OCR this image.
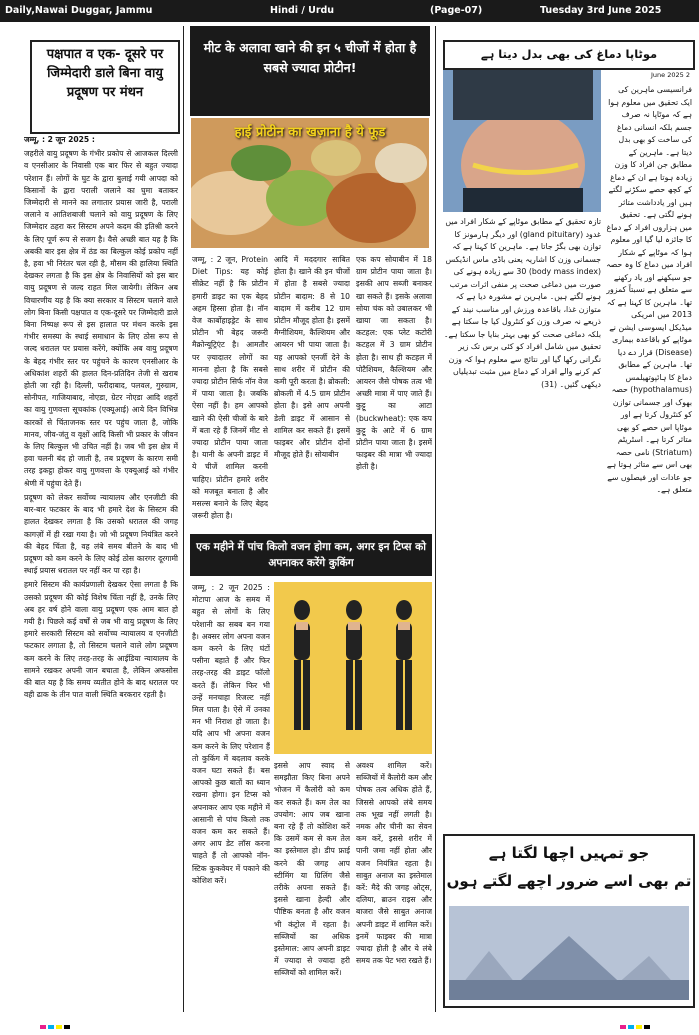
Daily,Nawai Duggar, Jammu	Hindi / Urdu	(Page-07)	Tuesday 3rd June 2025
पक्षपात व एक- दूसरे पर जिम्मेदारी डाले बिना वायु प्रदूषण पर मंथन

जम्मू, : 2 जून 2025 :

जहरीले वायु प्रदूषण के गंभीर प्रकोप से आजकल दिल्ली व एनसीआर के निवासी एक बार फिर से बहुत ज्यादा परेशान हैं। लोगों के घुट के द्वारा बुलाई गयी आपदा को किसानों के द्वारा पराली जलाने का घुमा बताकर जिम्मेदारी से मानने का लगातार प्रयास जारी है, पराली जलाने व आतिशबाजी चलाने को वायु प्रदूषण के लिए जिम्मेदार ठहरा कर सिस्टम अपने कदम की इतिश्री करने के लिए पूर्ण रूप से सजग है। वैसे अच्छी बात यह है कि अबकी बार इस क्षेत्र में ठंड का बिल्कुल कोई प्रकोप नहीं है, हवा भी निरंतर चल रही है, मौसम की हालिया स्थिति देखकर लगता है कि इस क्षेत्र के निवासियों को इस बार वायु प्रदूषण से जल्द राहत मिल जायेगी। लेकिन अब विचारणीय यह है कि क्या सरकार व सिस्टम चलाने वाले लोग बिना किसी पक्षपात व एक-दूसरे पर जिम्मेदारी डाले बिना निष्पक्ष रूप से इस हालात पर मंथन करके इस गंभीर समस्या के स्थाई समाधान के लिए ठोस रूप से जल्द धरातल पर प्रयास करेंगे, क्योंकि अब वायु प्रदूषण के बेहद गंभीर स्तर पर पहुंचने के कारण एनसीआर के अधिकांश शहरों की हालत दिन-प्रतिदिन तेजी से खराब होती जा रही है। दिल्ली, फरीदाबाद, पलवल, गुरुग्राम, सोनीपत, गाजियाबाद, नोएडा, ग्रेटर नोएडा आदि शहरों का वायु गुणवत्ता सूचकांक (एक्यूआई) आये दिन विभिन्न कारकों से चिंताजनक स्तर पर पहुंच जाता है, जोकि मानव, जीव-जंतु व वृक्षों आदि किसी भी प्रकार के जीवन के लिए बिल्कुल भी उचित नहीं है। जब भी इस क्षेत्र में हवा चलनी बंद हो जाती है, तब प्रदूषण के कारण समी तरह इकट्ठा होकर वायु गुणवत्ता के एक्यूआई को गंभीर श्रेणी में पहुंचा देते हैं।

प्रदूषण को लेकर सर्वोच्च न्यायालय और एनजीटी की बार-बार फटकार के बाद भी हमारे देश के सिस्टम की हालत देखकर लगता है कि उसको धरातल की जगह कागज़ों में ही रखा गया है। जो भी प्रदूषण नियंत्रित करने की बेहद चिंता है, वह लंबे समय बीतने के बाद भी प्रदूषण को कम करने के लिए कोई ठोस कारगर दूरगामी स्थाई प्रयास धरातल पर नहीं कर पा रहा है।

हमारे सिस्टम की कार्यप्रणाली देखकर ऐसा लगता है कि उसको प्रदूषण की कोई विशेष चिंता नहीं है, उनके लिए अब हर वर्ष होने वाला वायु प्रदूषण एक आम बात हो गयी है। पिछले कई वर्षों से जब भी वायु प्रदूषण के लिए हमारे सरकारी सिस्टम को सर्वोच्च न्यायालय व एनजीटी फटकार लगाता है, तो सिस्टम चलाने वाले लोग प्रदूषण कम करने के लिए तरह-तरह के आईडिया न्यायालय के सामने रखकर अपनी जान बचाता है, लेकिन अफसोस की बात यह है कि समय व्यतीत होने के बाद धरातल पर वही ढाक के तीन पात वाली स्थिति बरकरार रहती है।

मीट के अलावा खाने की इन ५ चीजों में होता है सबसे ज्यादा प्रोटीन!
हाई प्रोटीन का खज़ाना है ये फूड
जम्मू, : 2 जून, Protein Diet Tips: यह कोई सीक्रेट नहीं है कि प्रोटीन हमारी डाइट का एक बेहद अहम हिस्सा होता है। नॉन वेज कार्बोहाइड्रेट के साथ प्रोटीन भी बेहद जरूरी मैक्रोन्यूट्रिएंट है। आमतौर पर ज़्यादातर लोगों का मानना होता है कि सबसे ज्यादा प्रोटीन सिर्फ नॉन वेज में पाया जाता है। जबकि ऐसा नहीं है। हम आपको खाने की ऐसी चीजों के बारे में बता रहे हैं जिनमें मीट से ज्यादा प्रोटीन पाया जाता है। यानी के अपनी डाइट में ये चीजें शामिल करनी चाहिए। प्रोटीन हमारे शरीर को मजबूत बनाता है और मसल्स बनाने के लिए बेहद जरूरी होता है।
आदि में मददगार साबित होता है। खाने की इन चीजों में होता है सबसे ज्यादा प्रोटीन बादाम: 8 से 10 बादाम में करीब 12 ग्राम प्रोटीन मौजूद होता है। इसमें मैग्नीशियम, कैल्शियम और आयरन भी पाया जाता है। यह आपको एनर्जी देने के साथ शरीर में प्रोटीन की कमी पूरी करता है। ब्रोकली: ब्रोकली में 4.5 ग्राम प्रोटीन होता है। इसे आप अपनी डेली डाइट में आसान से शामिल कर सकते हैं। इसमें फाइबर और प्रोटीन दोनों मौजूद होते हैं। सोयाबीन
एक कप सोयाबीन में 18 ग्राम प्रोटीन पाया जाता है। इसकी आप सब्जी बनाकर खा सकते हैं। इसके अलावा सोया चंक को उबालकर भी खाया जा सकता है। कटहल: एक प्लेट कटोरी कटहल में 3 ग्राम प्रोटीन होता है। साथ ही कटहल में पोटैशियम, कैल्शियम और आयरन जैसे पोषक तत्व भी अच्छी मात्रा में पाए जाते हैं। कुट्टू का आटा (buckwheat): एक कप कुट्टू के आटे में 6 ग्राम प्रोटीन पाया जाता है। इसमें फाइबर की मात्रा भी ज्यादा होती है।
एक महीने में पांच किलो वजन होगा कम, अगर इन टिप्स को अपनाकर करेंगे कुकिंग
जम्मू, : 2 जून 2025 : मोटापा आज के समय में बहुत से लोगों के लिए परेशानी का सबब बन गया है। अक्सर लोग अपना वजन कम करने के लिए घंटों पसीना बहाते हैं और फिर तरह-तरह की डाइट फॉलो करते हैं। लेकिन फिर भी उन्हें मनचाहा रिजल्ट नहीं मिल पाता है। ऐसे में उनका मन भी निराश हो जाता है। यदि आप भी अपना वजन कम करने के लिए परेशान हैं तो कुकिंग में बदलाव करके वजन घटा सकते हैं। बस आपको कुछ बातों का ध्यान रखना होगा। इन टिप्स को अपनाकर आप एक महीने में आसानी से पांच किलो तक वजन कम कर सकते हैं। अगर आप डेट लॉस करना चाहते हैं तो आपको नॉन-स्टिक कुकवेयर में पकाने की कोशिश करें।
इससे आप स्वाद से समझौता किए बिना अपने भोजन में कैलोरी को कम कर सकते हैं। कम तेल का उपयोग: आप जब खाना बना रहे हैं तो कोशिश करें कि उसमें कम से कम तेल का इस्तेमाल हो। डीप फ्राई करने की जगह आप स्टीमिंग या ग्रिलिंग जैसे तरीके अपना सकते हैं। इससे खाना हेल्दी और पौष्टिक बनता है और वजन भी कंट्रोल में रहता है। सब्जियों का अधिक इस्तेमाल: आप अपनी डाइट में ज्यादा से ज्यादा हरी सब्जियों को शामिल करें।
अवश्य शामिल करें। सब्जियों में कैलोरी कम और पोषक तत्व अधिक होते हैं, जिससे आपको लंबे समय तक भूख नहीं लगती है। नमक और चीनी का सेवन कम करें, इससे शरीर में पानी जमा नहीं होता और वजन नियंत्रित रहता है। साबुत अनाज का इस्तेमाल करें: मैदे की जगह ओट्स, दलिया, ब्राउन राइस और बाजरा जैसे साबुत अनाज अपनी डाइट में शामिल करें। इनमें फाइबर की मात्रा ज्यादा होती है और ये लंबे समय तक पेट भरा रखते हैं।
موٹاپا دماغ کی بھی بدل دیتا ہے
2 June 2025
فرانسیسی ماہرین کی ایک تحقیق میں معلوم ہوا ہے کہ موٹاپا نہ صرف جسم بلکہ انسانی دماغ کی ساخت کو بھی بدل دیتا ہے۔ ماہرین کے مطابق جن افراد کا وزن زیادہ ہوتا ہے ان کے دماغ کے کچھ حصے سکڑنے لگتے ہیں اور یادداشت متاثر ہونے لگتی ہے۔ تحقیق میں ہزاروں افراد کے دماغ کا جائزہ لیا گیا اور معلوم ہوا کہ موٹاپے کے شکار افراد میں دماغ کا وہ حصہ جو سیکھنے اور یاد رکھنے سے متعلق ہے نسبتاً کمزور تھا۔ ماہرین کا کہنا ہے کہ 2013 میں امریکی میڈیکل ایسوسی ایشن نے موٹاپے کو باقاعدہ بیماری (Disease) قرار دے دیا تھا۔ ماہرین کے مطابق دماغ کا ہائپوتھیلمس (hypothalamus) حصہ بھوک اور جسمانی توازن کو کنٹرول کرتا ہے اور موٹاپا اس حصے کو بھی متاثر کرتا ہے۔ اسٹریٹم (Striatum) نامی حصہ بھی اس سے متاثر ہوتا ہے جو عادات اور فیصلوں سے متعلق ہے۔
تازہ تحقیق کے مطابق موٹاپے کے شکار افراد میں غدود (gland pituitary) اور دیگر ہارمونز کا توازن بھی بگڑ جاتا ہے۔ ماہرین کا کہنا ہے کہ جسمانی وزن کا اشاریہ یعنی باڈی ماس انڈیکس (body mass index) 30 سے زیادہ ہونے کی صورت میں دماغی صحت پر منفی اثرات مرتب ہونے لگتے ہیں۔ ماہرین نے مشورہ دیا ہے کہ متوازن غذا، باقاعدہ ورزش اور مناسب نیند کے ذریعے نہ صرف وزن کو کنٹرول کیا جا سکتا ہے بلکہ دماغی صحت کو بھی بہتر بنایا جا سکتا ہے۔ تحقیق میں شامل افراد کو کئی برس تک زیر نگرانی رکھا گیا اور نتائج سے معلوم ہوا کہ وزن کم کرنے والے افراد کے دماغ میں مثبت تبدیلیاں دیکھی گئیں۔ (31)
جو تمہیں اچھا لگتا ہے
تم بھی اسے ضرور اچھے لگتے ہوں
